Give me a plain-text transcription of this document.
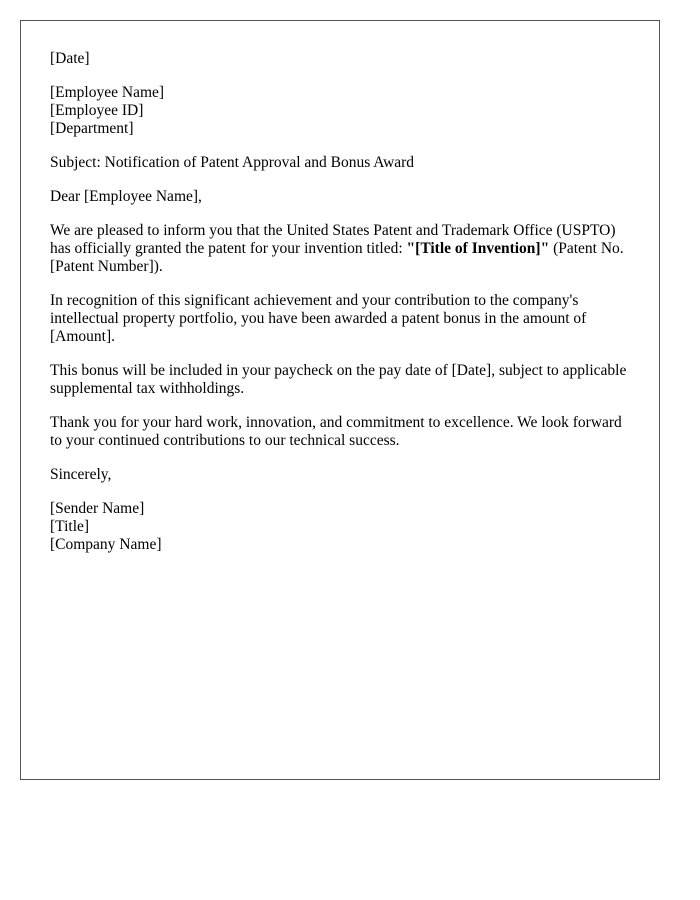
[Date]

[Employee Name]
[Employee ID]
[Department]

Subject: Notification of Patent Approval and Bonus Award

Dear [Employee Name],

We are pleased to inform you that the United States Patent and Trademark Office (USPTO) has officially granted the patent for your invention titled: "[Title of Invention]" (Patent No. [Patent Number]).

In recognition of this significant achievement and your contribution to the company's intellectual property portfolio, you have been awarded a patent bonus in the amount of [Amount].

This bonus will be included in your paycheck on the pay date of [Date], subject to applicable supplemental tax withholdings.

Thank you for your hard work, innovation, and commitment to excellence. We look forward to your continued contributions to our technical success.

Sincerely,

[Sender Name]
[Title]
[Company Name]
